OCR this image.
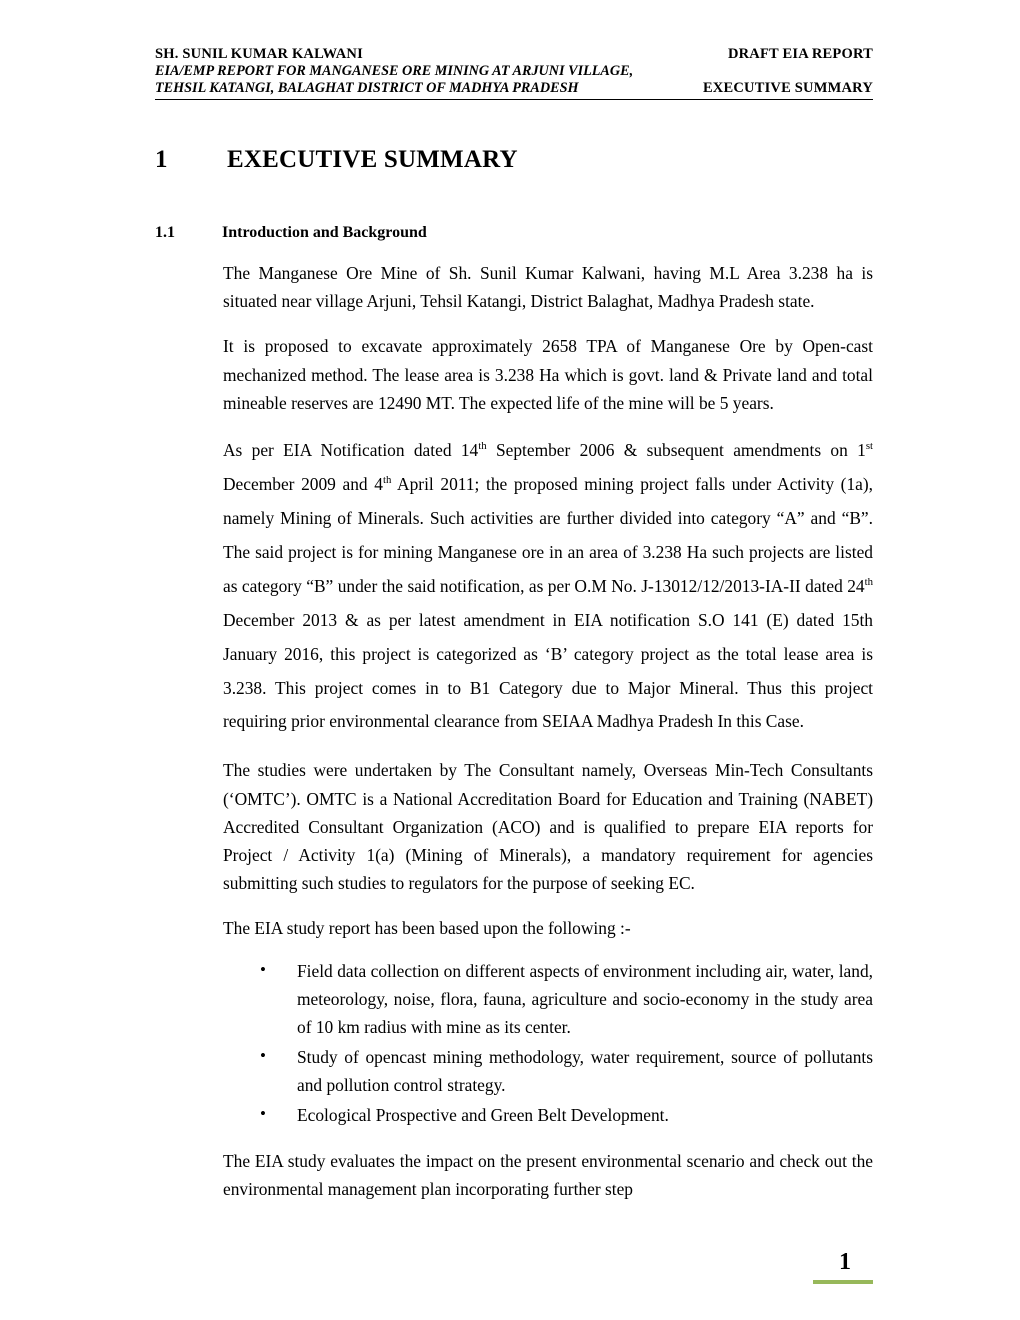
SH. SUNIL KUMAR KALWANI	DRAFT EIA REPORT
EIA/EMP REPORT FOR MANGANESE ORE MINING AT ARJUNI VILLAGE,
TEHSIL KATANGI, BALAGHAT DISTRICT OF MADHYA PRADESH	EXECUTIVE SUMMARY
1 EXECUTIVE SUMMARY
1.1	Introduction and Background

The Manganese Ore Mine of Sh. Sunil Kumar Kalwani, having M.L Area 3.238 ha is situated near village Arjuni, Tehsil Katangi, District Balaghat, Madhya Pradesh state.

It is proposed to excavate approximately 2658 TPA of Manganese Ore by Open-cast mechanized method. The lease area is 3.238 Ha which is govt. land & Private land and total mineable reserves are 12490 MT. The expected life of the mine will be 5 years.

As per EIA Notification dated 14th September 2006 & subsequent amendments on 1st December 2009 and 4th April 2011; the proposed mining project falls under Activity (1a), namely Mining of Minerals. Such activities are further divided into category “A” and “B”. The said project is for mining Manganese ore in an area of 3.238 Ha such projects are listed as category “B” under the said notification, as per O.M No. J-13012/12/2013-IA-II dated 24th December 2013 & as per latest amendment in EIA notification S.O 141 (E) dated 15th January 2016, this project is categorized as ‘B’ category project as the total lease area is 3.238. This project comes in to B1 Category due to Major Mineral. Thus this project requiring prior environmental clearance from SEIAA Madhya Pradesh In this Case.

The studies were undertaken by The Consultant namely, Overseas Min-Tech Consultants (‘OMTC’). OMTC is a National Accreditation Board for Education and Training (NABET) Accredited Consultant Organization (ACO) and is qualified to prepare EIA reports for Project / Activity 1(a) (Mining of Minerals), a mandatory requirement for agencies submitting such studies to regulators for the purpose of seeking EC.

The EIA study report has been based upon the following :-

• Field data collection on different aspects of environment including air, water, land, meteorology, noise, flora, fauna, agriculture and socio-economy in the study area of 10 km radius with mine as its center.
• Study of opencast mining methodology, water requirement, source of pollutants and pollution control strategy.
• Ecological Prospective and Green Belt Development.

The EIA study evaluates the impact on the present environmental scenario and check out the environmental management plan incorporating further step

1
